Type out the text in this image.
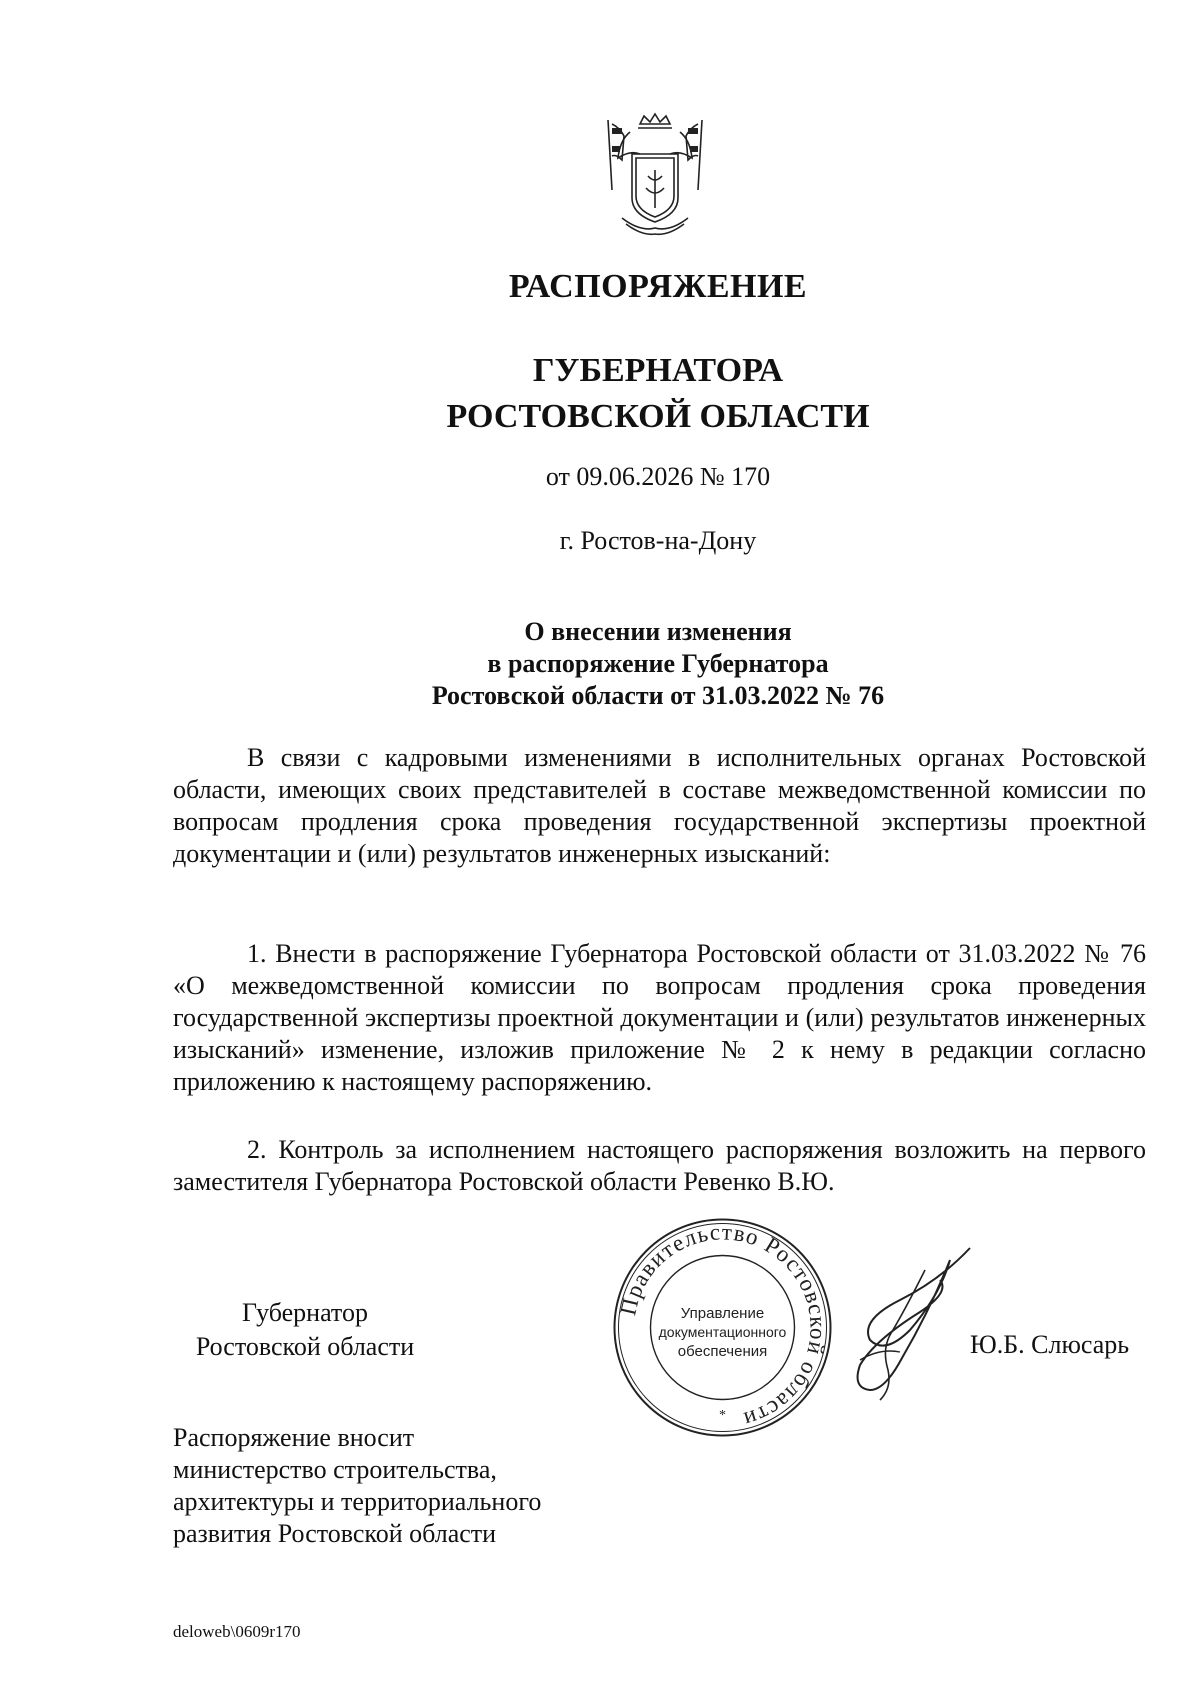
РАСПОРЯЖЕНИЕ
ГУБЕРНАТОРА
РОСТОВСКОЙ ОБЛАСТИ
от 09.06.2026 № 170
г. Ростов-на-Дону
О внесении изменения
в распоряжение Губернатора
Ростовской области от 31.03.2022 № 76

В связи с кадровыми изменениями в исполнительных органах Ростовской области, имеющих своих представителей в составе межведомственной комиссии по вопросам продления срока проведения государственной экспертизы проектной документации и (или) результатов инженерных изысканий:

1. Внести в распоряжение Губернатора Ростовской области от 31.03.2022 № 76 «О межведомственной комиссии по вопросам продления срока проведения государственной экспертизы проектной документации и (или) результатов инженерных изысканий» изменение, изложив приложение № 2 к нему в редакции согласно приложению к настоящему распоряжению.

2. Контроль за исполнением настоящего распоряжения возложить на первого заместителя Губернатора Ростовской области Ревенко В.Ю.

Губернатор
Ростовской области
Правительство Ростовской области
Управление
документационного
обеспечения
*
Ю.Б. Слюсарь
Распоряжение вносит
министерство строительства,
архитектуры и территориального
развития Ростовской области
deloweb\0609r170
